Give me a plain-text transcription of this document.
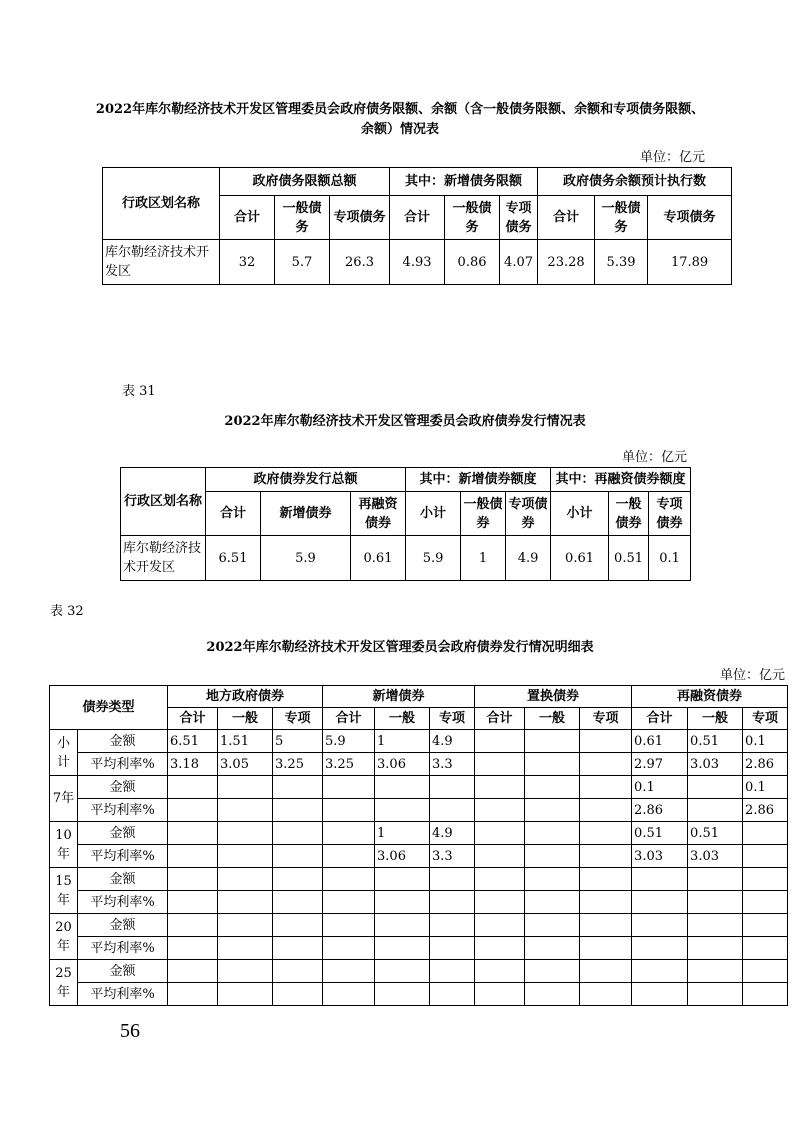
2022年库尔勒经济技术开发区管理委员会政府债务限额、余额（含一般债务限额、余额和专项债务限额、
余额）情况表
单位：亿元
行政区划名称	政府债务限额总额			其中：新增债务限额			政府债务余额预计执行数		
	合计	一般债务	专项债务	合计	一般债务	专项债务	合计	一般债务	专项债务
库尔勒经济技术开发区	32	5.7	26.3	4.93	0.86	4.07	23.28	5.39	17.89
表 31
2022年库尔勒经济技术开发区管理委员会政府债券发行情况表
单位：亿元
行政区划名称	政府债券发行总额			其中：新增债券额度			其中：再融资债券额度		
	合计	新增债券	再融资债券	小计	一般债券	专项债券	小计	一般债券	专项债券
库尔勒经济技术开发区	6.51	5.9	0.61	5.9	1	4.9	0.61	0.51	0.1
表 32
2022年库尔勒经济技术开发区管理委员会政府债券发行情况明细表
单位：亿元
债券类型		地方政府债券			新增债券			置换债券			再融资债券		
		合计	一般	专项	合计	一般	专项	合计	一般	专项	合计	一般	专项
小计	金额	6.51	1.51	5	5.9	1	4.9				0.61	0.51	0.1
	平均利率%	3.18	3.05	3.25	3.25	3.06	3.3				2.97	3.03	2.86
7年	金额										0.1		0.1
	平均利率%										2.86		2.86
10年	金额					1	4.9				0.51	0.51	
	平均利率%					3.06	3.3				3.03	3.03	
15年	金额												
	平均利率%												
20年	金额												
	平均利率%												
25年	金额												
	平均利率%												
56
